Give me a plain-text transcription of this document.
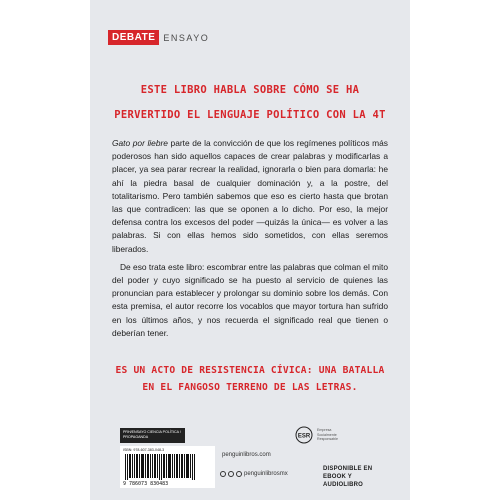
DEBATE ENSAYO
ESTE LIBRO HABLA SOBRE CÓMO SE HA PERVERTIDO EL LENGUAJE POLÍTICO CON LA 4T

Gato por liebre parte de la convicción de que los regímenes políticos más poderosos han sido aquellos capaces de crear palabras y modificarlas a placer, ya sea parar recrear la realidad, ignorarla o bien para domarla: he ahí la piedra basal de cualquier dominación y, a la postre, del totalitarismo. Pero también sabemos que eso es cierto hasta que brotan las que contradicen: las que se oponen a lo dicho. Por eso, la mejor defensa contra los excesos del poder —quizás la única— es volver a las palabras. Si con ellas hemos sido sometidos, con ellas seremos liberados.

De eso trata este libro: escombrar entre las palabras que colman el mito del poder y cuyo significado se ha puesto al servicio de quienes las pronuncian para establecer y prolongar su dominio sobre los demás. Con esta premisa, el autor recorre los vocablos que mayor tortura han sufrido en los últimos años, y nos recuerda el significado real que tienen o deberían tener.

ES UN ACTO DE RESISTENCIA CÍVICA: UNA BATALLA EN EL FANGOSO TERRENO DE LAS LETRAS.
PRH/ENSAYO CIENCIA POLÍTICA / PROPAGANDA
ISBN: 978-607-383-048-3
9 786073 830483
penguinlibros.com
penguinlibrosmx
ESR
Empresa Socialmente Responsable
DISPONIBLE EN EBOOK Y AUDIOLIBRO
